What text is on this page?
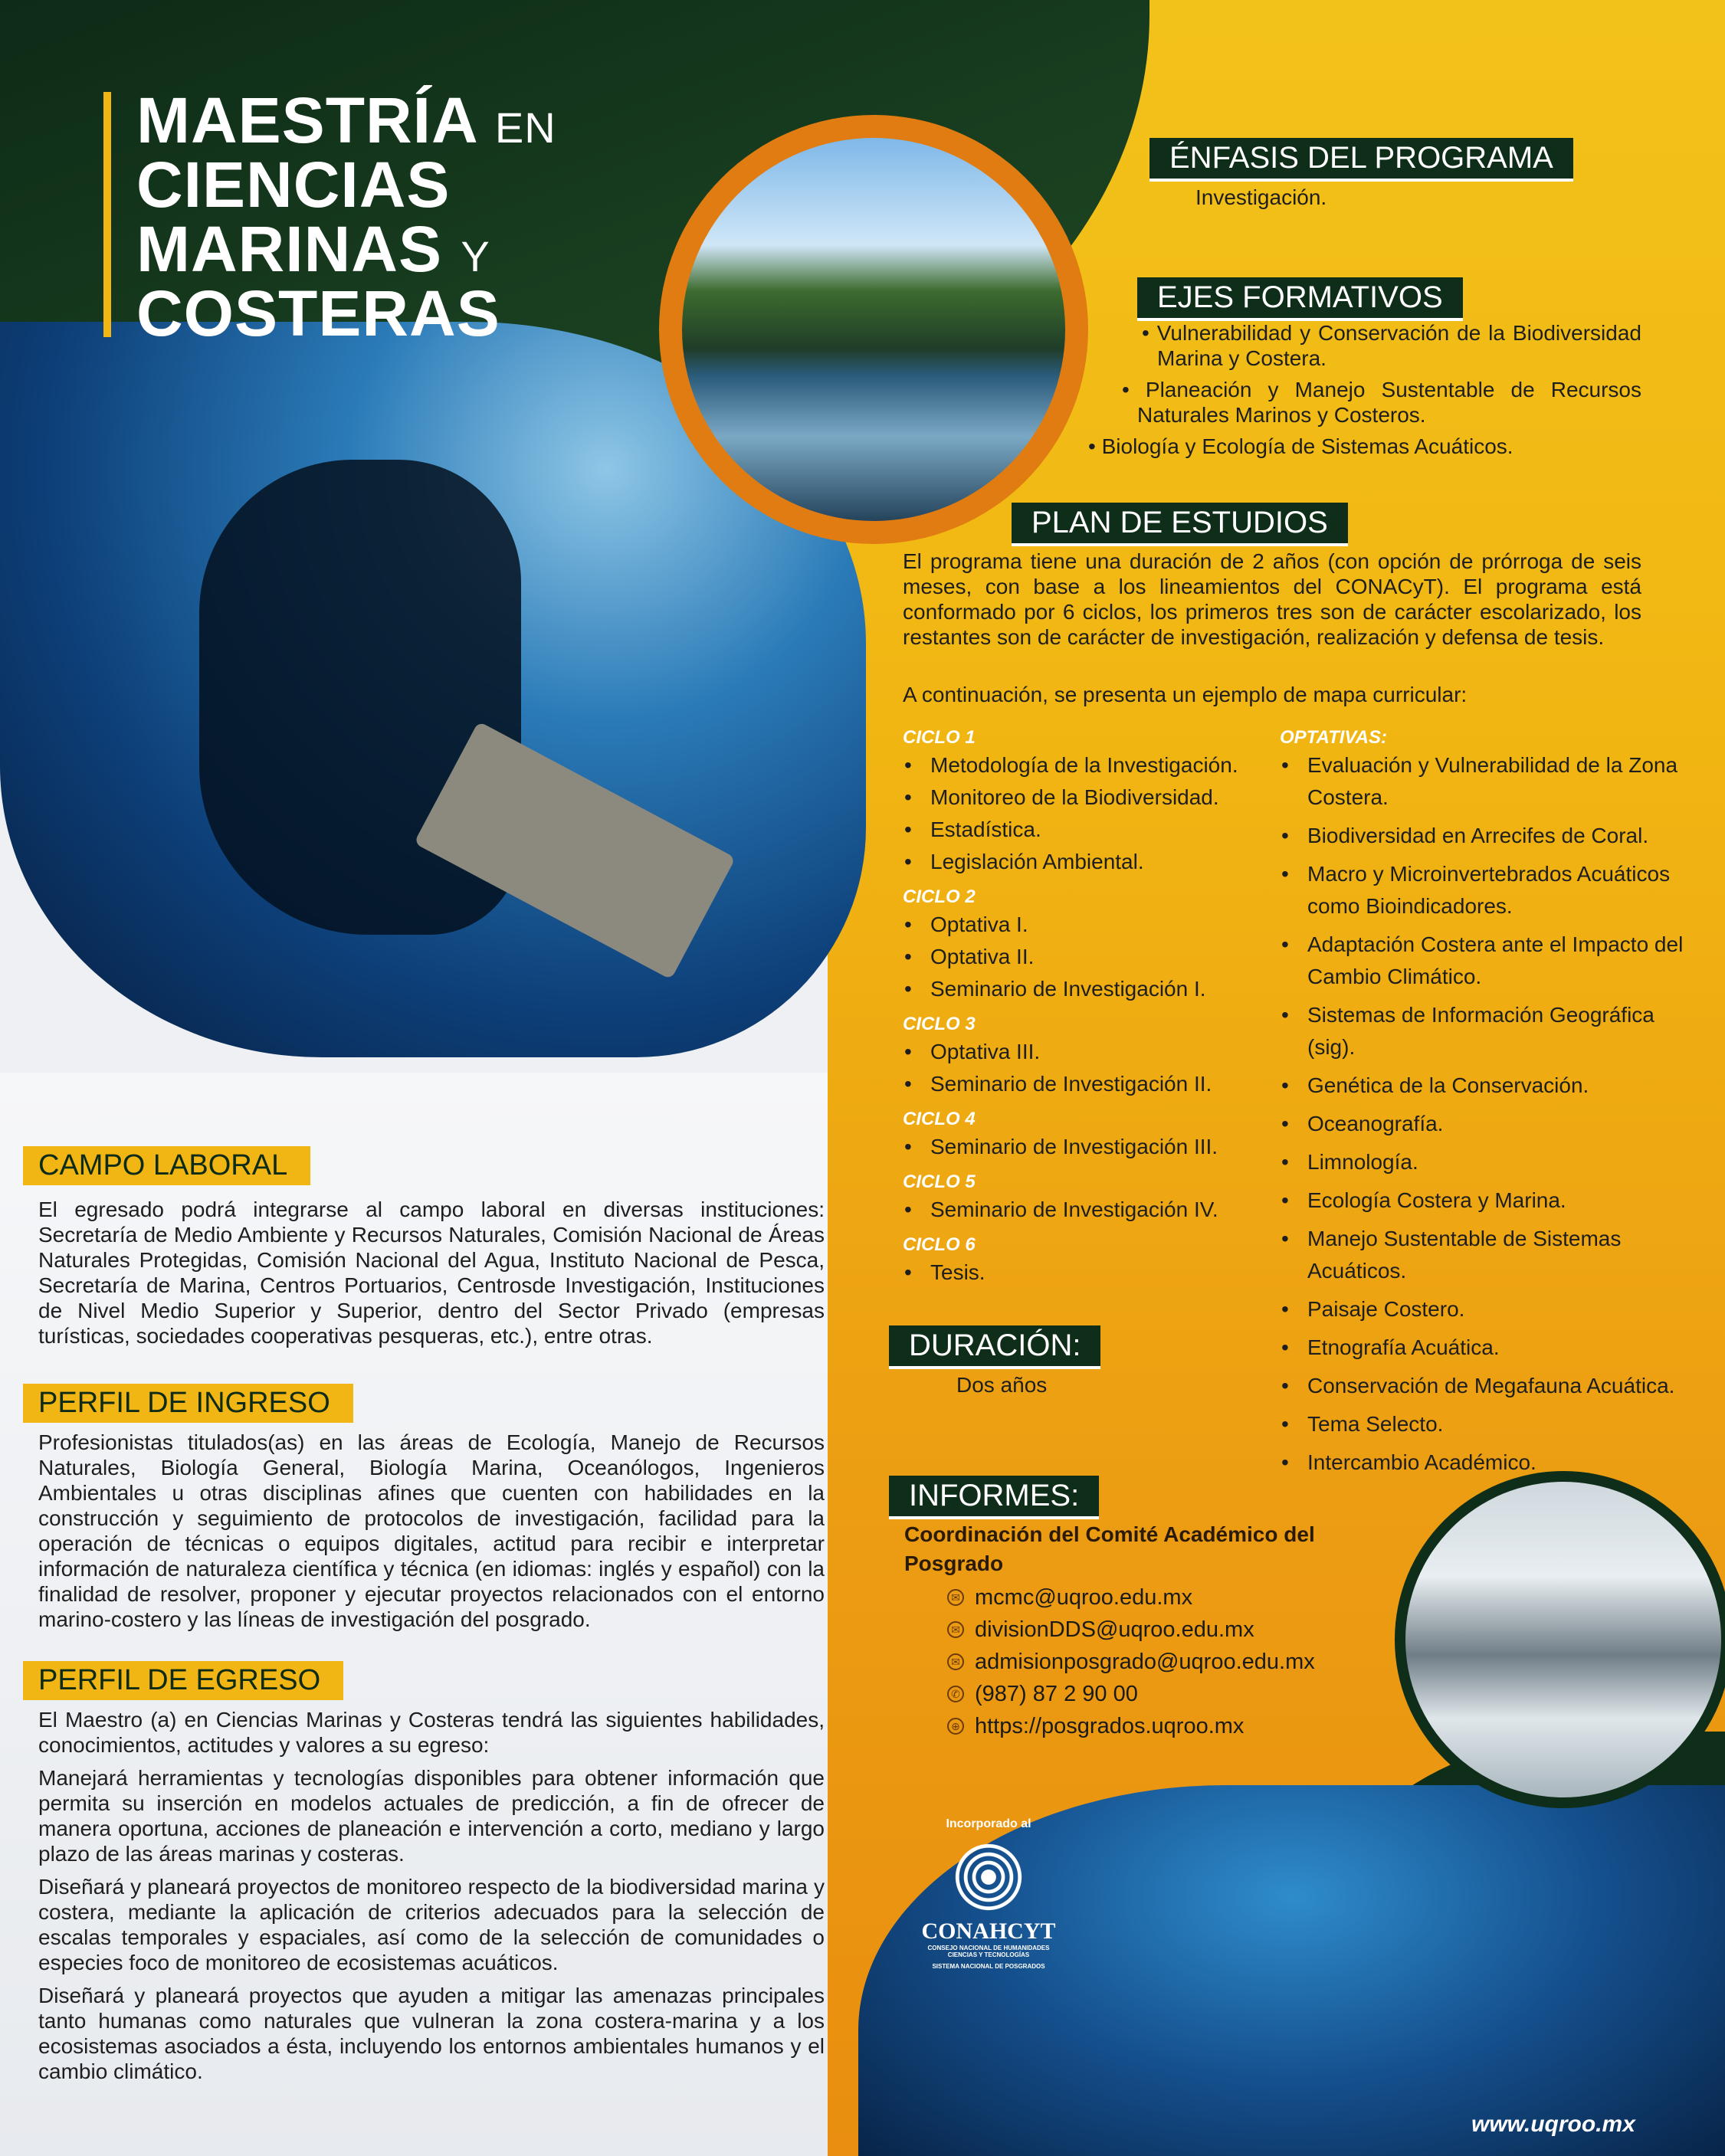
MAESTRÍA EN
CIENCIAS
MARINAS Y
COSTERAS
ÉNFASIS DEL PROGRAMA
Investigación.
EJES FORMATIVOS
• Vulnerabilidad y Conservación de la Biodiversidad Marina y Costera.
• Planeación y Manejo Sustentable de Recursos Naturales Marinos y Costeros.
• Biología y Ecología de Sistemas Acuáticos.
PLAN DE ESTUDIOS
El programa tiene una duración de 2 años (con opción de prórroga de seis meses, con base a los lineamientos del CONACyT). El programa está conformado por 6 ciclos, los primeros tres son de carácter escolarizado, los restantes son de carácter de investigación, realización y defensa de tesis.
A continuación, se presenta un ejemplo de mapa curricular:
CICLO 1
• Metodología de la Investigación.
• Monitoreo de la Biodiversidad.
• Estadística.
• Legislación Ambiental.
CICLO 2
• Optativa I.
• Optativa II.
• Seminario de Investigación I.
CICLO 3
• Optativa III.
• Seminario de Investigación II.
CICLO 4
• Seminario de Investigación III.
CICLO 5
• Seminario de Investigación IV.
CICLO 6
• Tesis.
OPTATIVAS:
• Evaluación y Vulnerabilidad de la Zona Costera.
• Biodiversidad en Arrecifes de Coral.
• Macro y Microinvertebrados Acuáticos como Bioindicadores.
• Adaptación Costera ante el Impacto del Cambio Climático.
• Sistemas de Información Geográfica (sig).
• Genética de la Conservación.
• Oceanografía.
• Limnología.
• Ecología Costera y Marina.
• Manejo Sustentable de Sistemas Acuáticos.
• Paisaje Costero.
• Etnografía Acuática.
• Conservación de Megafauna Acuática.
• Tema Selecto.
• Intercambio Académico.
DURACIÓN:
Dos años
INFORMES:
Coordinación del Comité Académico del Posgrado
✉ mcmc@uqroo.edu.mx
✉ divisionDDS@uqroo.edu.mx
✉ admisionposgrado@uqroo.edu.mx
✆ (987) 87 2 90 00
⊕ https://posgrados.uqroo.mx
Incorporado al
CONAHCYT
CONSEJO NACIONAL DE HUMANIDADES
CIENCIAS Y TECNOLOGÍAS
SISTEMA NACIONAL DE POSGRADOS
CAMPO LABORAL
El egresado podrá integrarse al campo laboral en diversas instituciones: Secretaría de Medio Ambiente y Recursos Naturales, Comisión Nacional de Áreas Naturales Protegidas, Comisión Nacional del Agua, Instituto Nacional de Pesca, Secretaría de Marina, Centros Portuarios, Centrosde Investigación, Instituciones de Nivel Medio Superior y Superior, dentro del Sector Privado (empresas turísticas, sociedades cooperativas pesqueras, etc.), entre otras.
PERFIL DE INGRESO
Profesionistas titulados(as) en las áreas de Ecología, Manejo de Recursos Naturales, Biología General, Biología Marina, Oceanólogos, Ingenieros Ambientales u otras disciplinas afines que cuenten con habilidades en la construcción y seguimiento de protocolos de investigación, facilidad para la operación de técnicas o equipos digitales, actitud para recibir e interpretar información de naturaleza científica y técnica (en idiomas: inglés y español) con la finalidad de resolver, proponer y ejecutar proyectos relacionados con el entorno marino-costero y las líneas de investigación del posgrado.
PERFIL DE EGRESO
El Maestro (a) en Ciencias Marinas y Costeras tendrá las siguientes habilidades, conocimientos, actitudes y valores a su egreso:
Manejará herramientas y tecnologías disponibles para obtener información que permita su inserción en modelos actuales de predicción, a fin de ofrecer de manera oportuna, acciones de planeación e intervención a corto, mediano y largo plazo de las áreas marinas y costeras.
Diseñará y planeará proyectos de monitoreo respecto de la biodiversidad marina y costera, mediante la aplicación de criterios adecuados para la selección de escalas temporales y espaciales, así como de la selección de comunidades o especies foco de monitoreo de ecosistemas acuáticos.
Diseñará y planeará proyectos que ayuden a mitigar las amenazas principales tanto humanas como naturales que vulneran la zona costera-marina y a los ecosistemas asociados a ésta, incluyendo los entornos ambientales humanos y el cambio climático.
www.uqroo.mx
